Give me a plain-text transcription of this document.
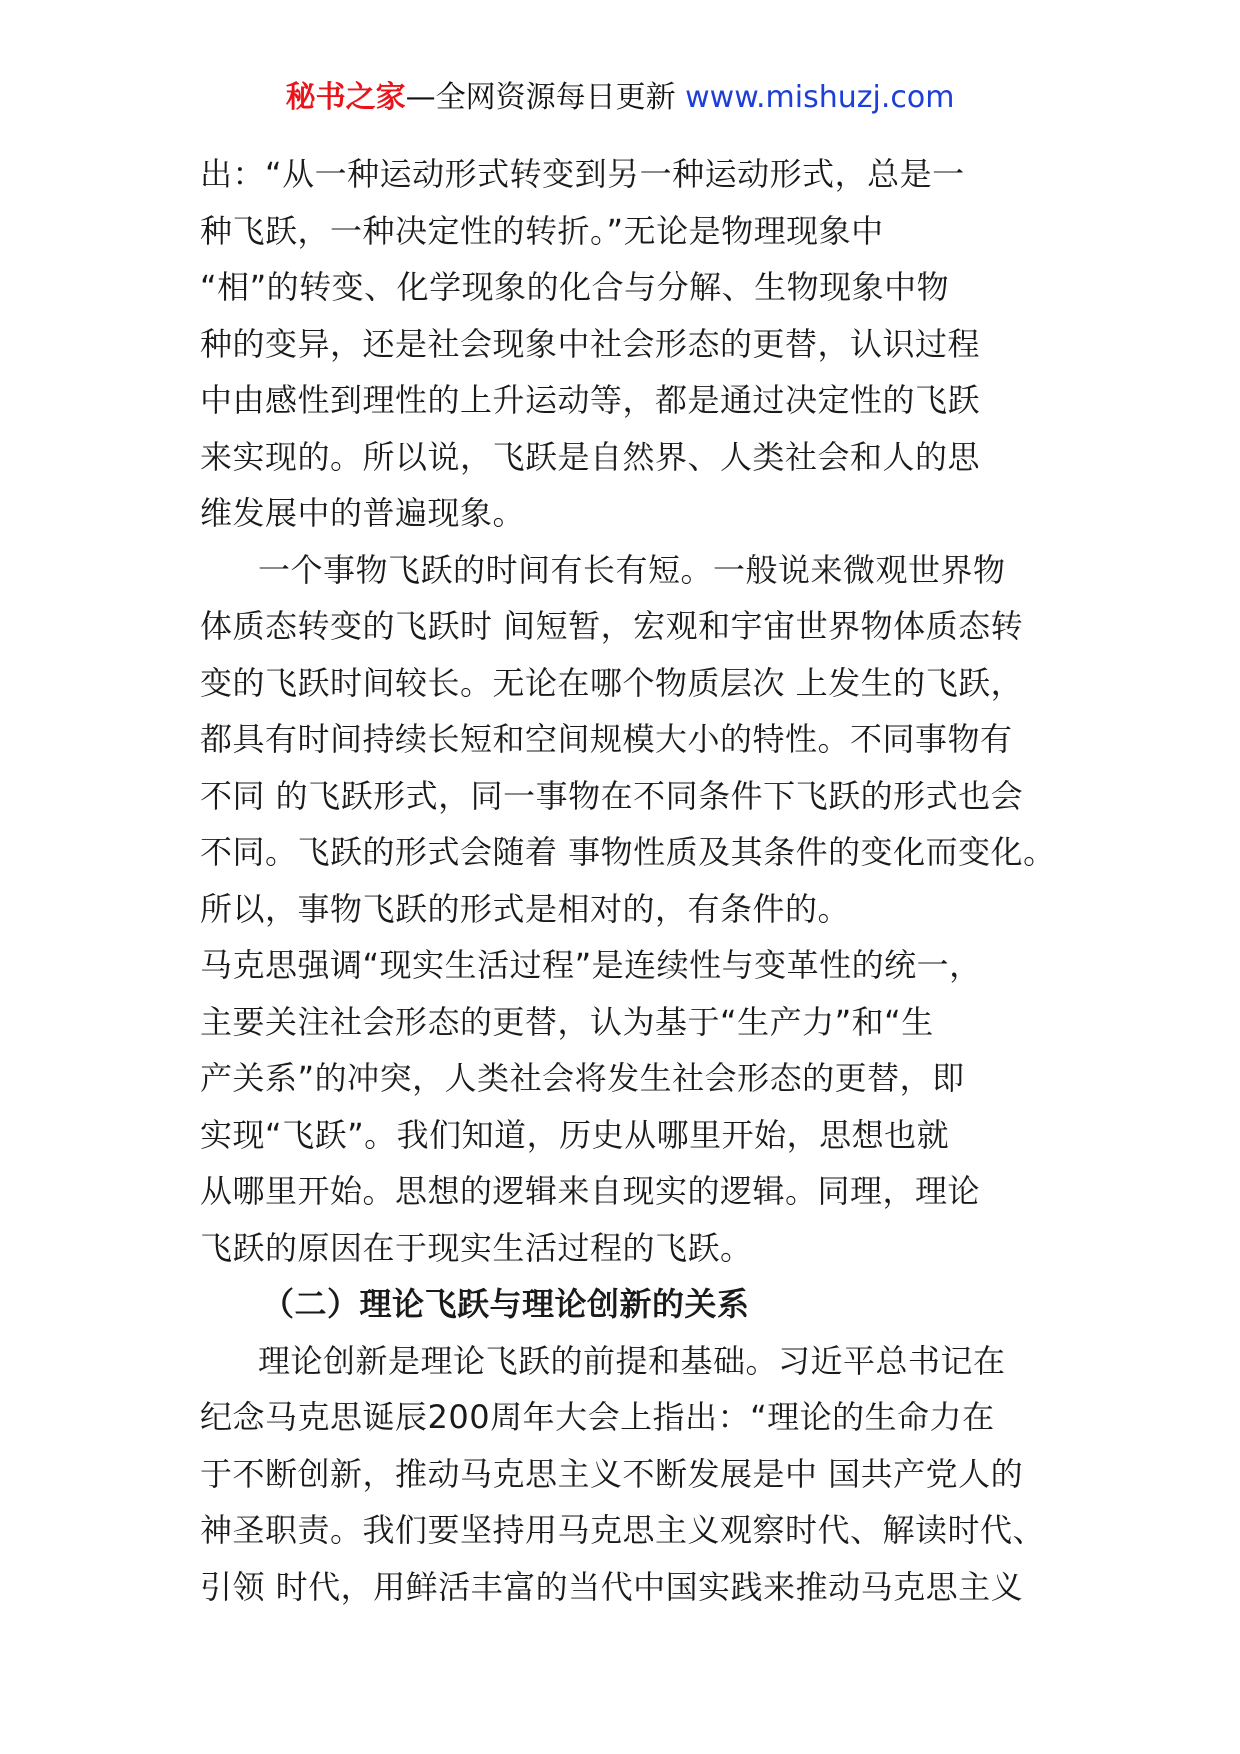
秘书之家—全网资源每日更新 www.mishuzj.com
出：“从一种运动形式转变到另一种运动形式，总是一
种飞跃，一种决定性的转折。”无论是物理现象中
“相”的转变、化学现象的化合与分解、生物现象中物
种的变异，还是社会现象中社会形态的更替，认识过程
中由感性到理性的上升运动等，都是通过决定性的飞跃
来实现的。所以说，飞跃是自然界、人类社会和人的思
维发展中的普遍现象。
一个事物飞跃的时间有长有短。一般说来微观世界物
体质态转变的飞跃时 间短暂，宏观和宇宙世界物体质态转
变的飞跃时间较长。无论在哪个物质层次 上发生的飞跃，
都具有时间持续长短和空间规模大小的特性。不同事物有
不同 的飞跃形式，同一事物在不同条件下飞跃的形式也会
不同。飞跃的形式会随着 事物性质及其条件的变化而变化。
所以，事物飞跃的形式是相对的，有条件的。
马克思强调“现实生活过程”是连续性与变革性的统一，
主要关注社会形态的更替，认为基于“生产力”和“生
产关系”的冲突，人类社会将发生社会形态的更替，即
实现“飞跃”。我们知道，历史从哪里开始，思想也就
从哪里开始。思想的逻辑来自现实的逻辑。同理，理论
飞跃的原因在于现实生活过程的飞跃。
（二）理论飞跃与理论创新的关系
理论创新是理论飞跃的前提和基础。习近平总书记在
纪念马克思诞辰200周年大会上指出：“理论的生命力在
于不断创新，推动马克思主义不断发展是中 国共产党人的
神圣职责。我们要坚持用马克思主义观察时代、解读时代、
引领 时代，用鲜活丰富的当代中国实践来推动马克思主义
